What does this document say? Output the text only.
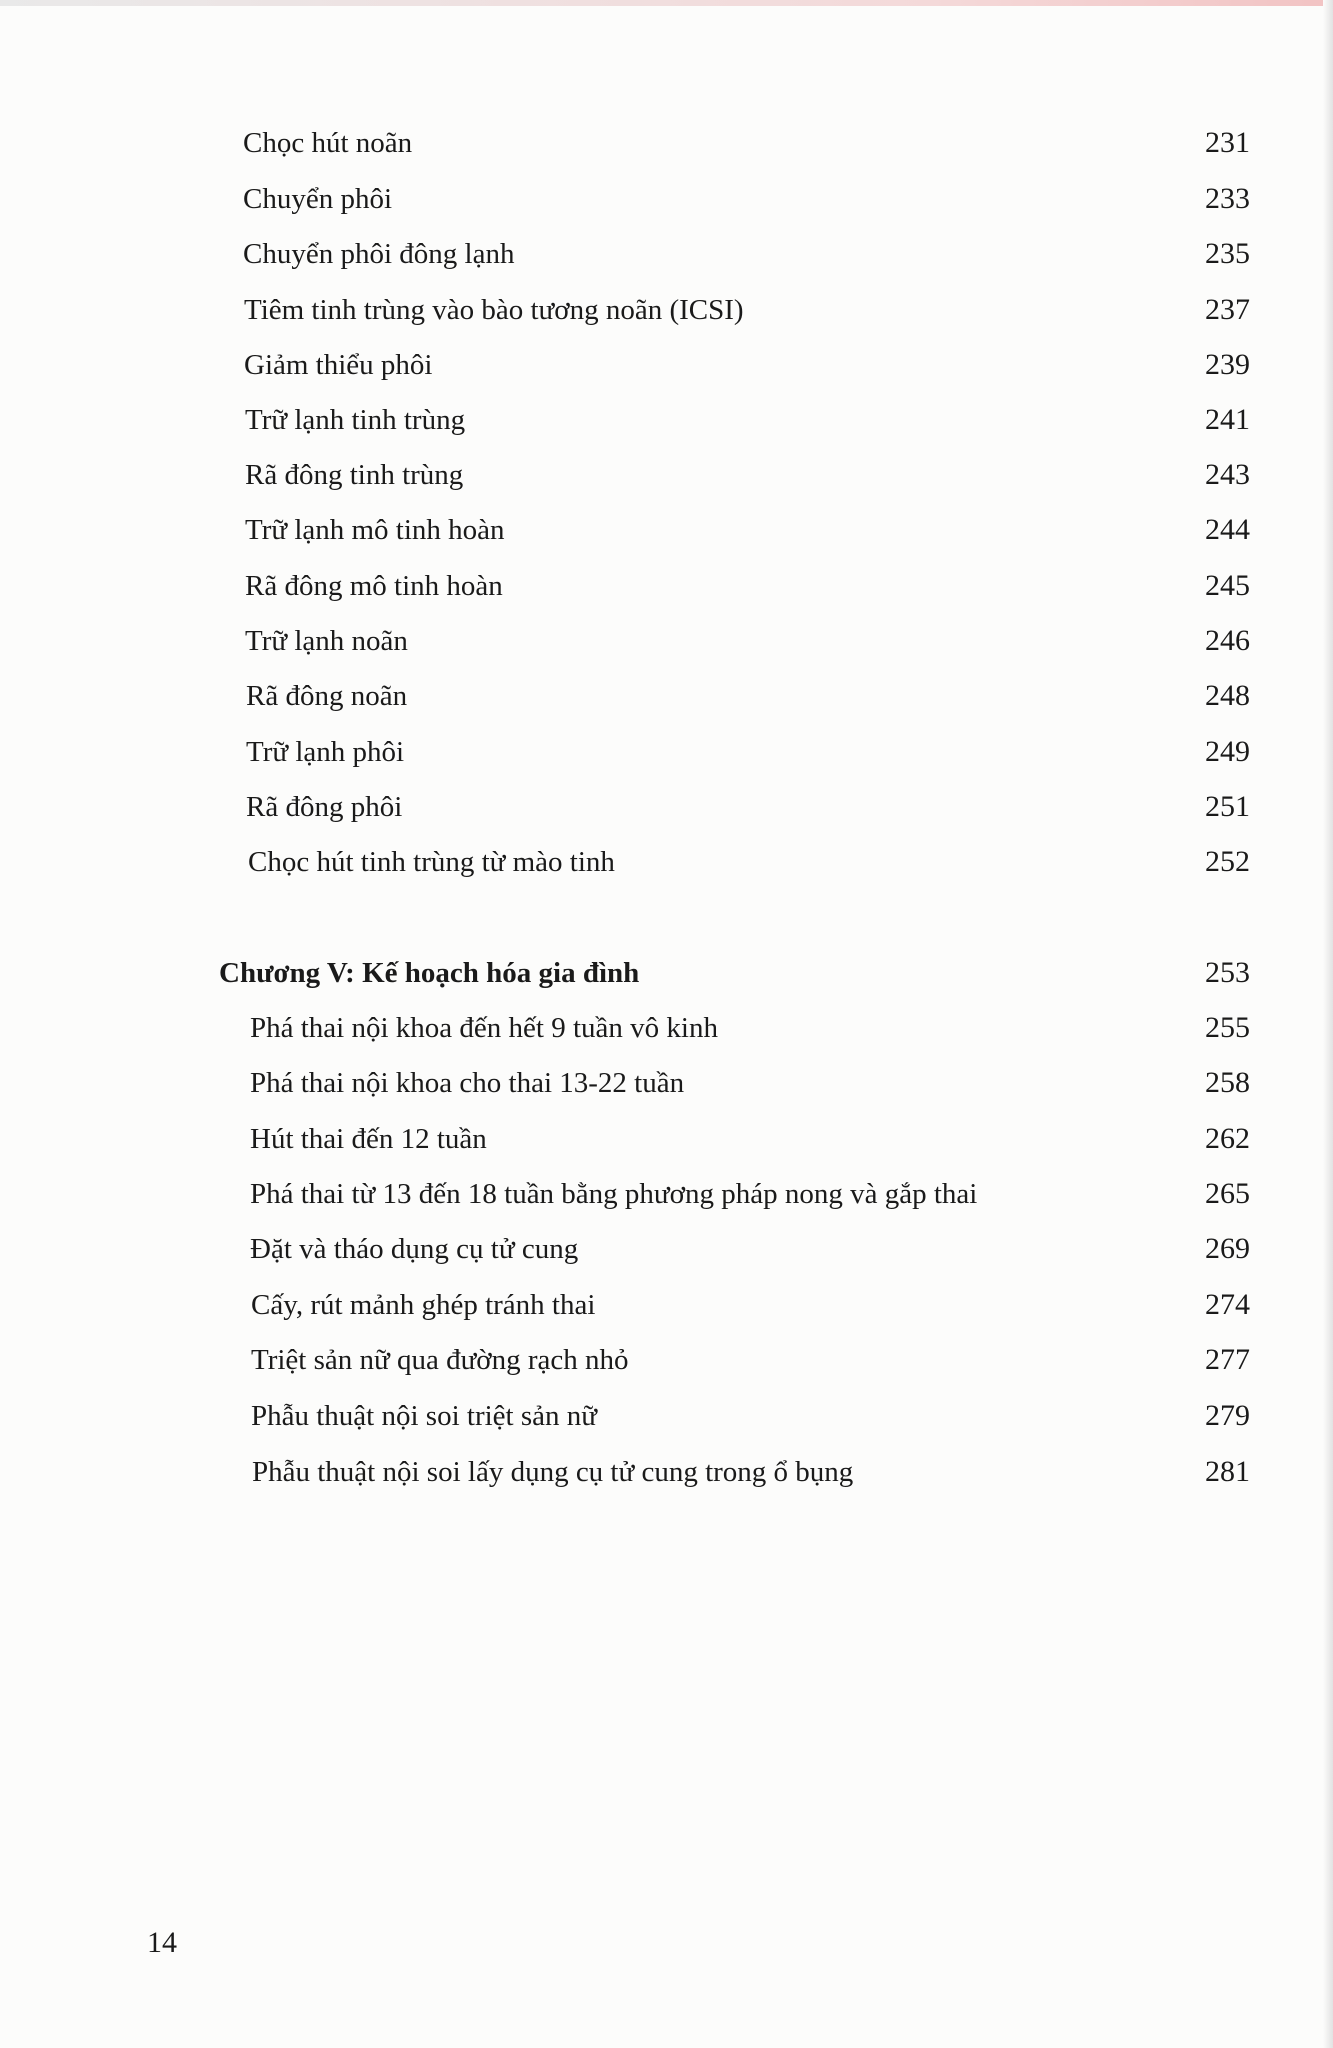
Chọc hút noãn	231
Chuyển phôi	233
Chuyển phôi đông lạnh	235
Tiêm tinh trùng vào bào tương noãn (ICSI)	237
Giảm thiểu phôi	239
Trữ lạnh tinh trùng	241
Rã đông tinh trùng	243
Trữ lạnh mô tinh hoàn	244
Rã đông mô tinh hoàn	245
Trữ lạnh noãn	246
Rã đông noãn	248
Trữ lạnh phôi	249
Rã đông phôi	251
Chọc hút tinh trùng từ mào tinh	252
Chương V: Kế hoạch hóa gia đình	253
Phá thai nội khoa đến hết 9 tuần vô kinh	255
Phá thai nội khoa cho thai 13-22 tuần	258
Hút thai đến 12 tuần	262
Phá thai từ 13 đến 18 tuần bằng phương pháp nong và gắp thai	265
Đặt và tháo dụng cụ tử cung	269
Cấy, rút mảnh ghép tránh thai	274
Triệt sản nữ qua đường rạch nhỏ	277
Phẫu thuật nội soi triệt sản nữ	279
Phẫu thuật nội soi lấy dụng cụ tử cung trong ổ bụng	281
14
